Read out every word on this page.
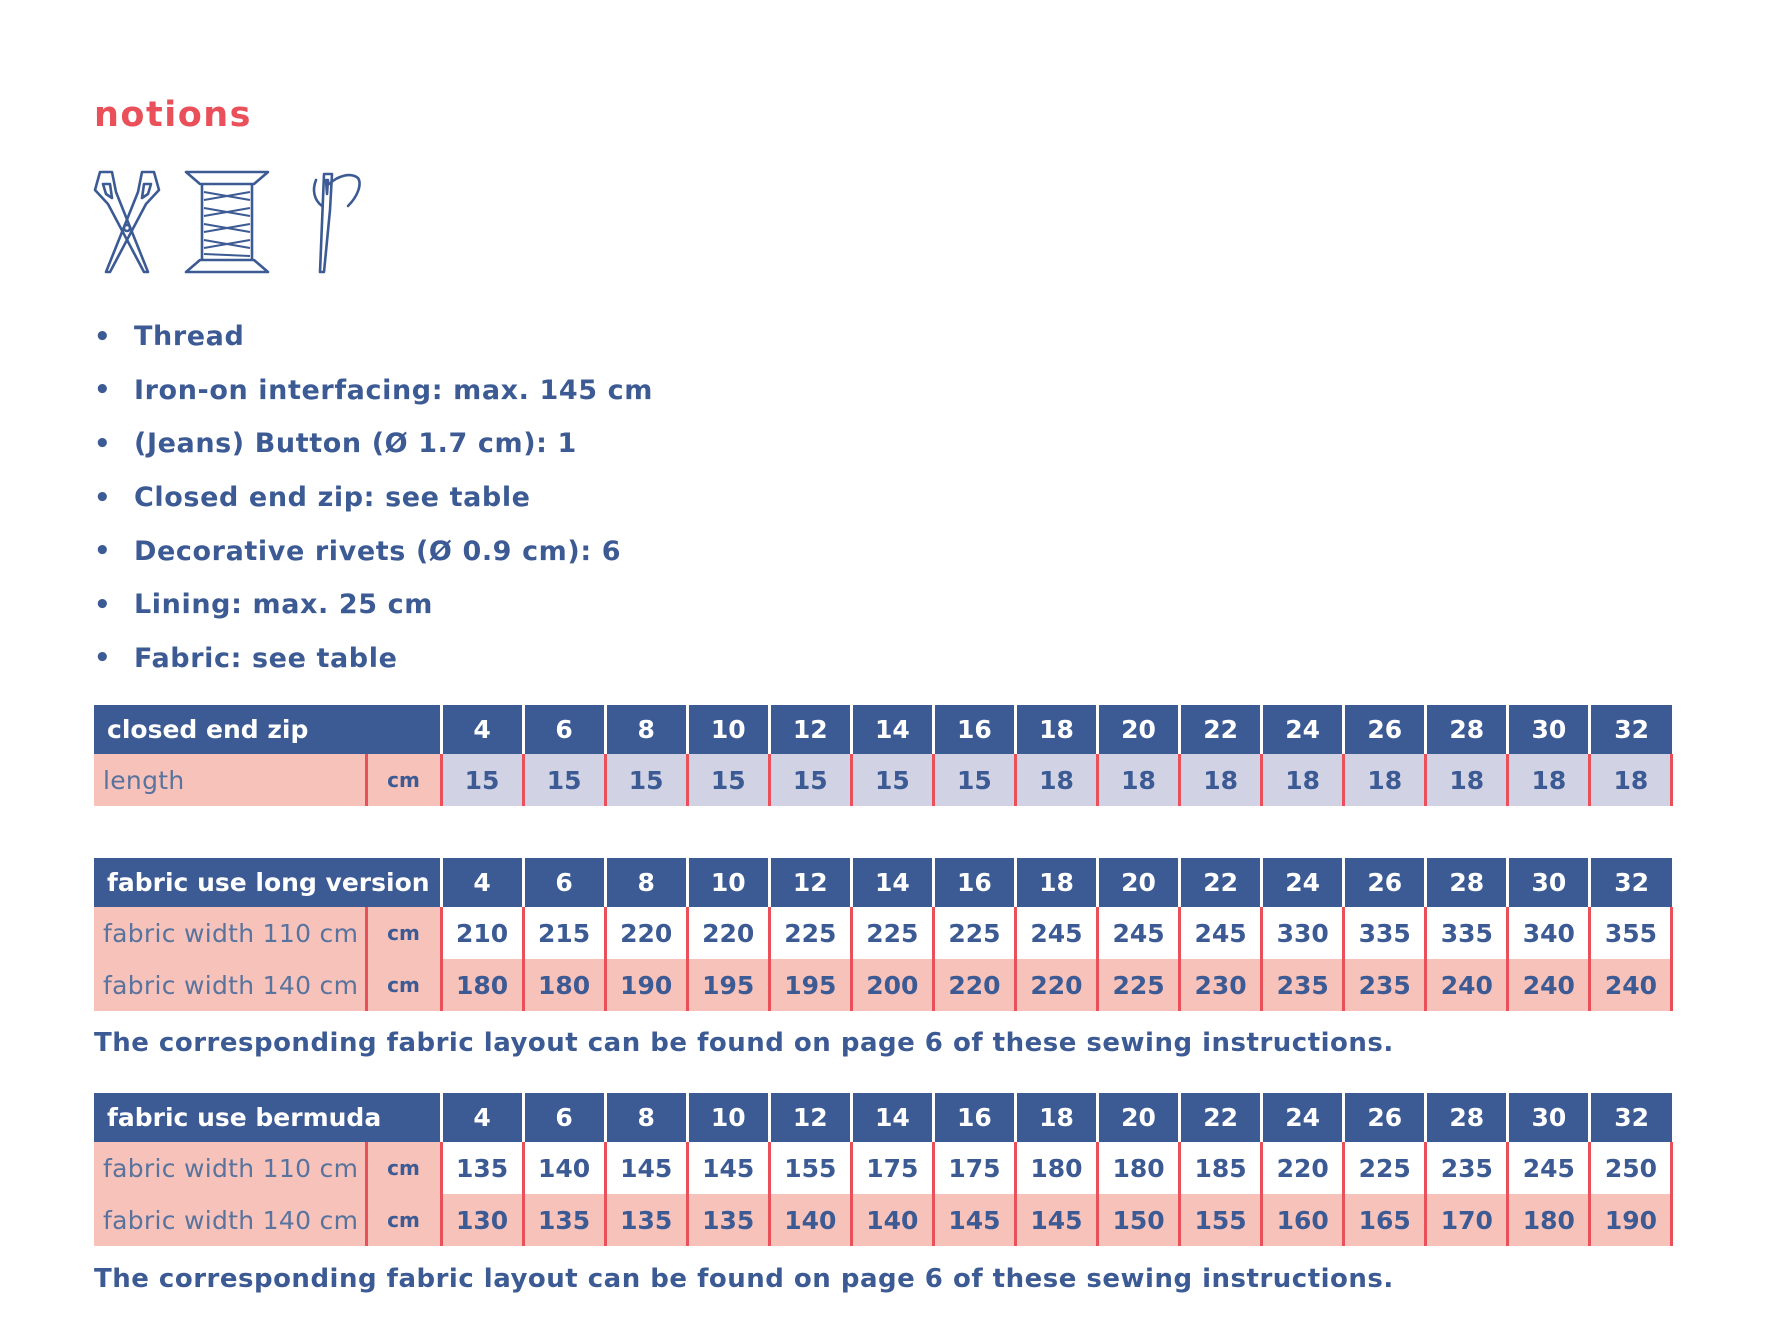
notions
• Thread
• Iron-on interfacing: max. 145 cm
• (Jeans) Button (Ø 1.7 cm): 1
• Closed end zip: see table
• Decorative rivets (Ø 0.9 cm): 6
• Lining: max. 25 cm
• Fabric: see table
closed end zip		4	6	8	10	12	14	16	18	20	22	24	26	28	30	32
length	cm	15	15	15	15	15	15	15	18	18	18	18	18	18	18	18
fabric use long version		4	6	8	10	12	14	16	18	20	22	24	26	28	30	32
fabric width 110 cm	cm	210	215	220	220	225	225	225	245	245	245	330	335	335	340	355
fabric width 140 cm	cm	180	180	190	195	195	200	220	220	225	230	235	235	240	240	240

The corresponding fabric layout can be found on page 6 of these sewing instructions.

fabric use bermuda		4	6	8	10	12	14	16	18	20	22	24	26	28	30	32
fabric width 110 cm	cm	135	140	145	145	155	175	175	180	180	185	220	225	235	245	250
fabric width 140 cm	cm	130	135	135	135	140	140	145	145	150	155	160	165	170	180	190

The corresponding fabric layout can be found on page 6 of these sewing instructions.
